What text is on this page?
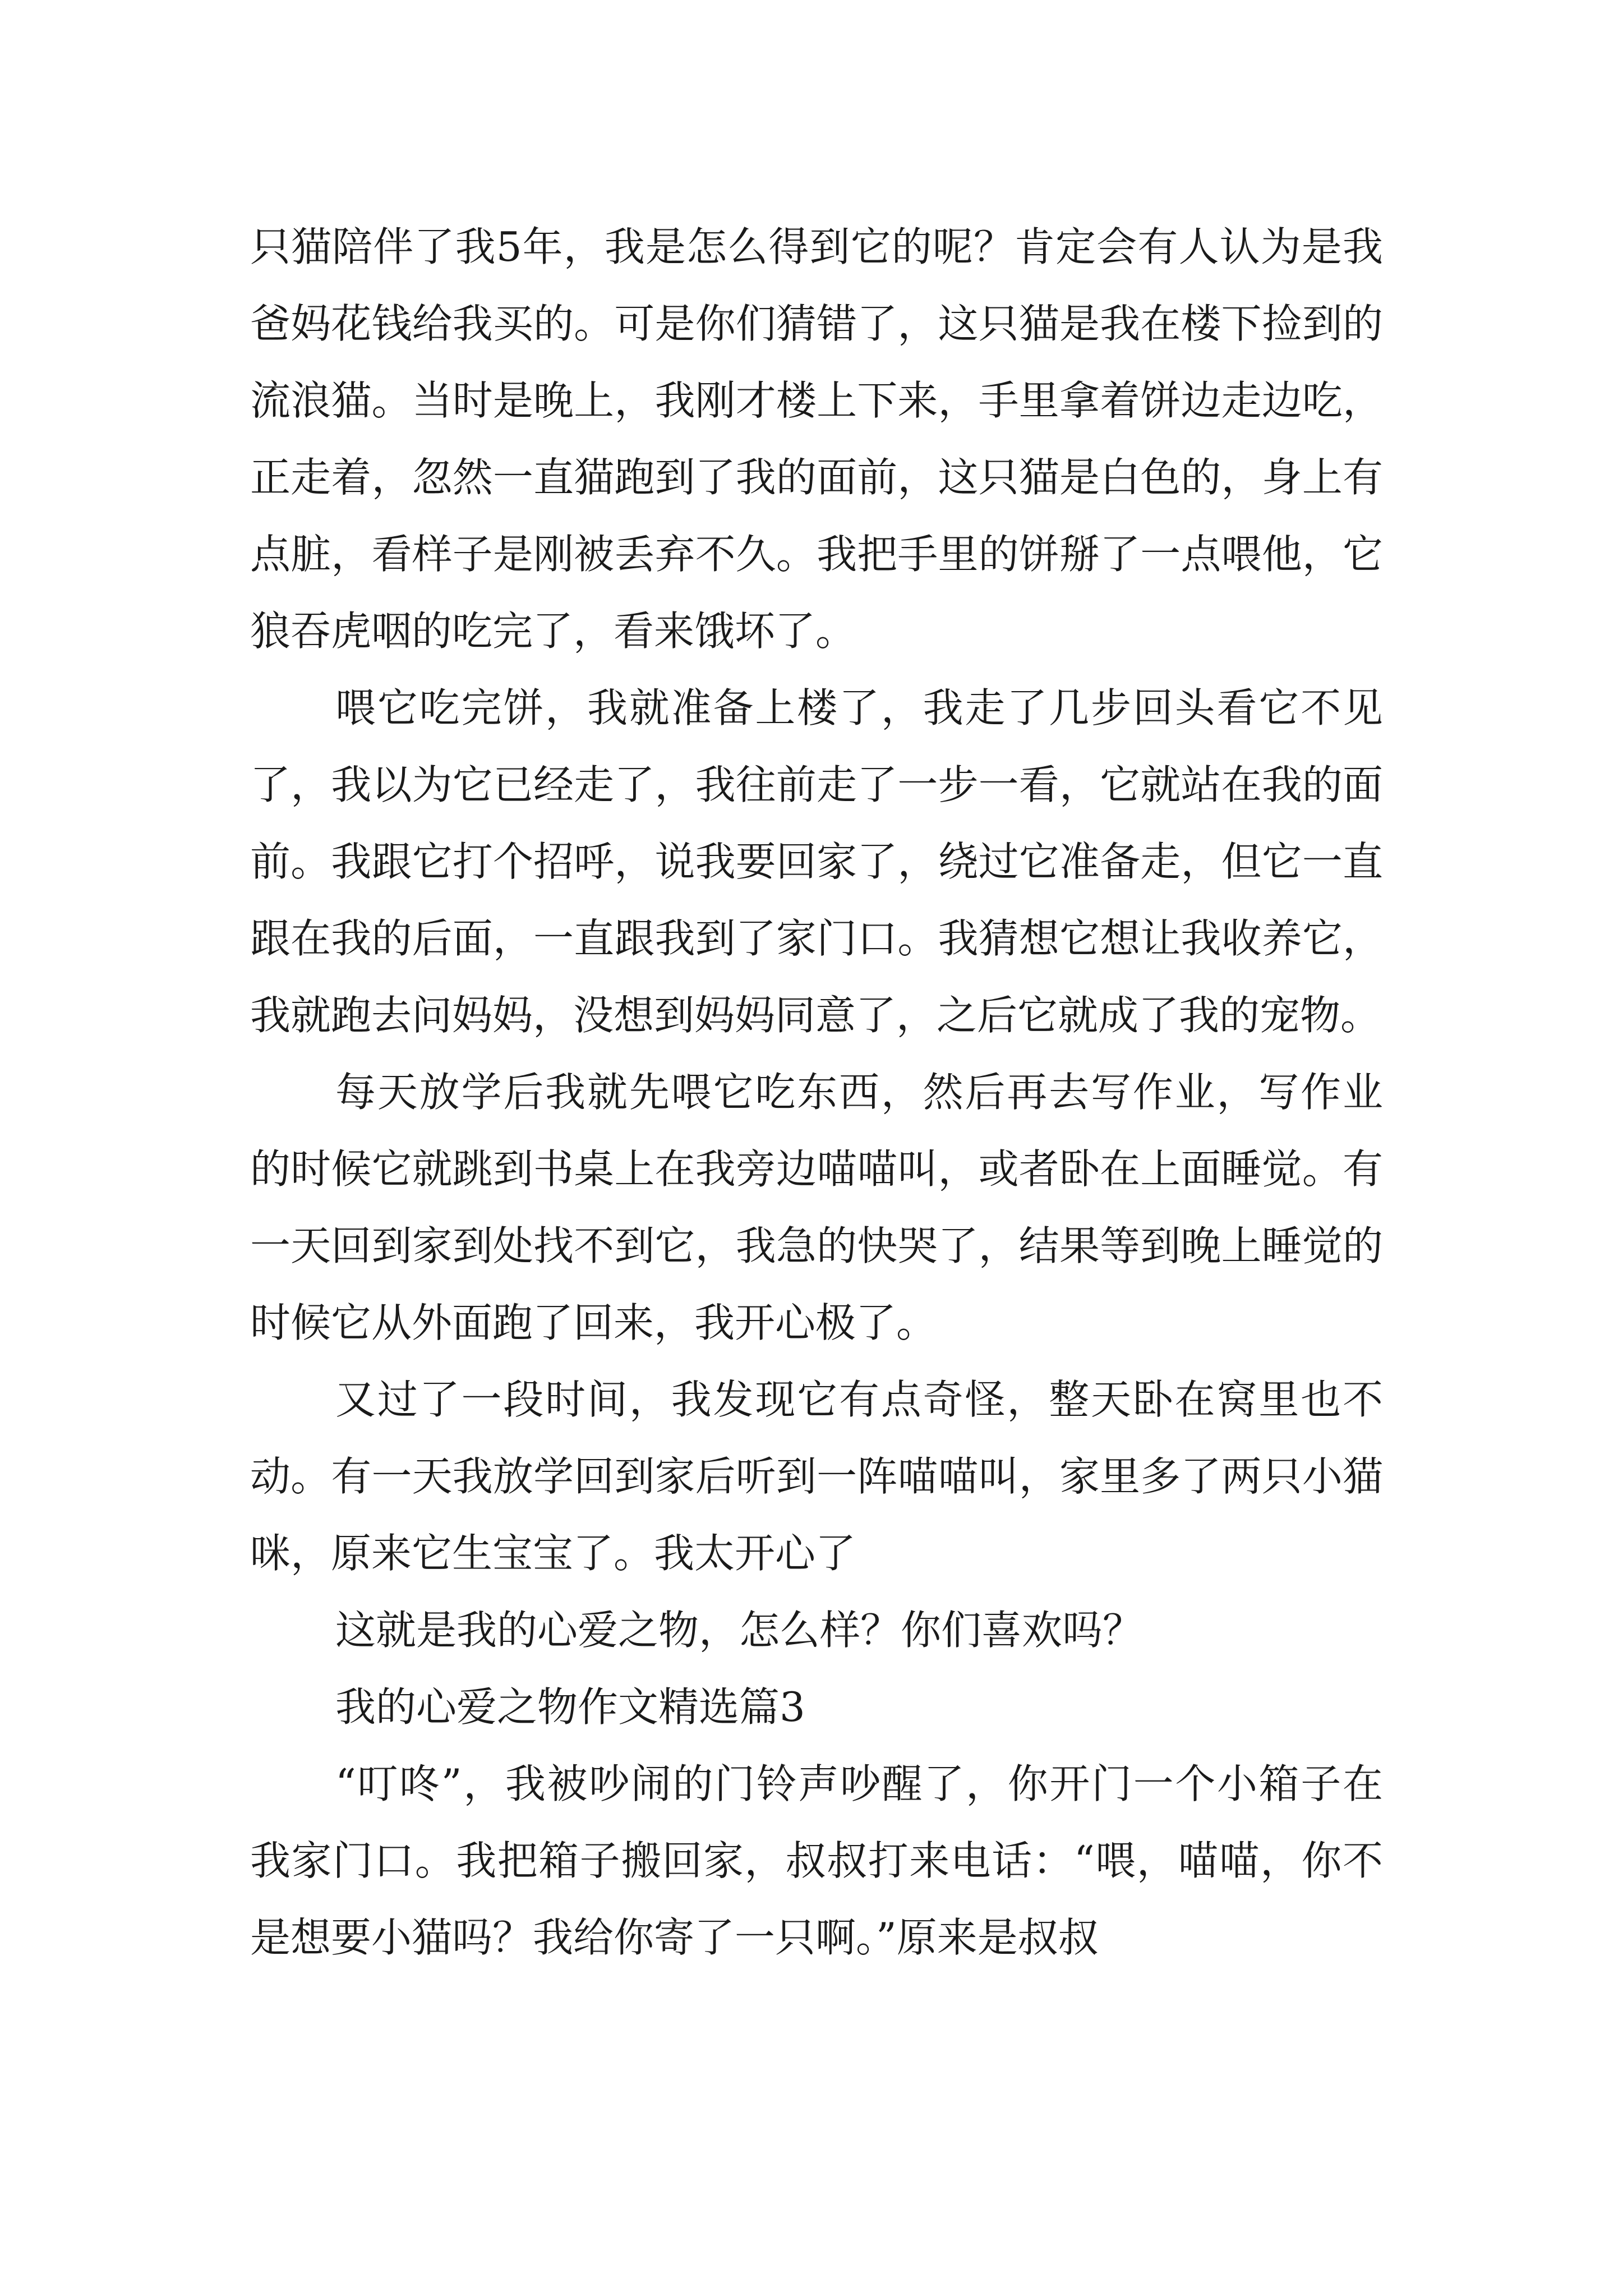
只猫陪伴了我5年，我是怎么得到它的呢？肯定会有人认为是我爸妈花钱给我买的。可是你们猜错了，这只猫是我在楼下捡到的流浪猫。当时是晚上，我刚才楼上下来，手里拿着饼边走边吃，正走着，忽然一直猫跑到了我的面前，这只猫是白色的，身上有点脏，看样子是刚被丢弃不久。我把手里的饼掰了一点喂他，它狼吞虎咽的吃完了，看来饿坏了。

喂它吃完饼，我就准备上楼了，我走了几步回头看它不见了，我以为它已经走了，我往前走了一步一看，它就站在我的面前。我跟它打个招呼，说我要回家了，绕过它准备走，但它一直跟在我的后面，一直跟我到了家门口。我猜想它想让我收养它，我就跑去问妈妈，没想到妈妈同意了，之后它就成了我的宠物。

每天放学后我就先喂它吃东西，然后再去写作业，写作业的时候它就跳到书桌上在我旁边喵喵叫，或者卧在上面睡觉。有一天回到家到处找不到它，我急的快哭了，结果等到晚上睡觉的时候它从外面跑了回来，我开心极了。

又过了一段时间，我发现它有点奇怪，整天卧在窝里也不动。有一天我放学回到家后听到一阵喵喵叫，家里多了两只小猫咪，原来它生宝宝了。我太开心了

这就是我的心爱之物，怎么样？你们喜欢吗？

我的心爱之物作文精选篇3

“叮咚”，我被吵闹的门铃声吵醒了，你开门一个小箱子在我家门口。我把箱子搬回家，叔叔打来电话：“喂，喵喵，你不是想要小猫吗？我给你寄了一只啊。”原来是叔叔
